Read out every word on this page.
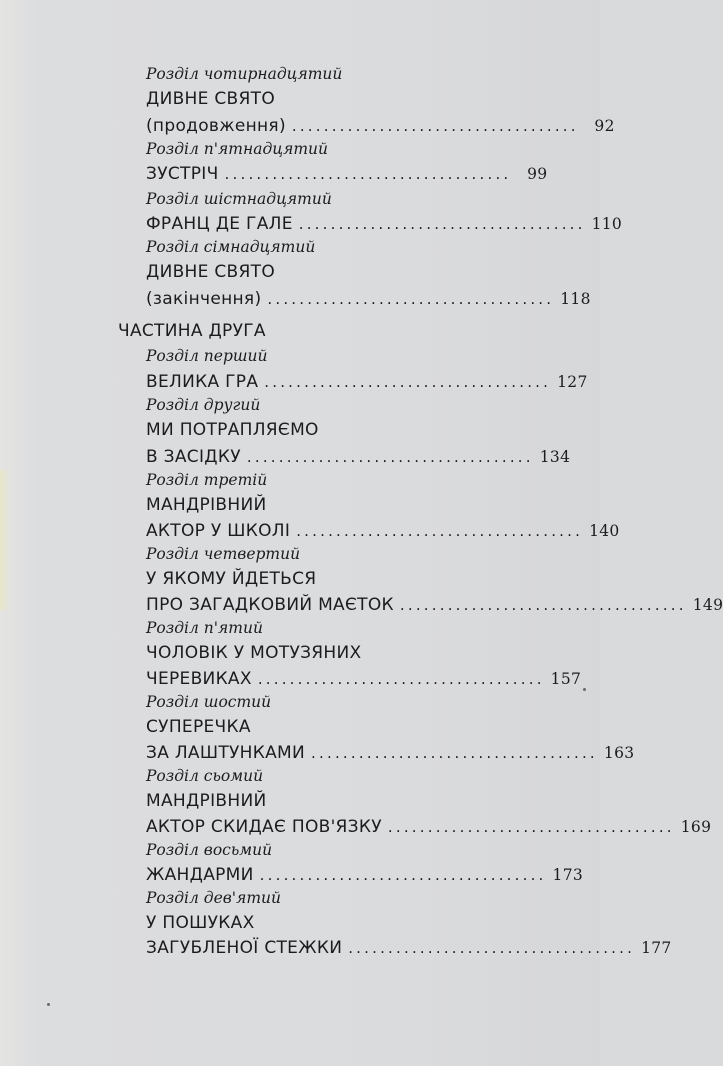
Розділ чотирнадцятий
ДИВНЕ СВЯТО
(продовження) ....................................	92
Розділ п'ятнадцятий
ЗУСТРІЧ ....................................	99
Розділ шістнадцятий
ФРАНЦ ДЕ ГАЛЕ .................................... 110
Розділ сімнадцятий
ДИВНЕ СВЯТО
(закінчення) .................................... 118
ЧАСТИНА ДРУГА
Розділ перший
ВЕЛИКА ГРА .................................... 127
Розділ другий
МИ ПОТРАПЛЯЄМО
В ЗАСІДКУ .................................... 134
Розділ третій
МАНДРІВНИЙ
АКТОР У ШКОЛІ .................................... 140
Розділ четвертий
У ЯКОМУ ЙДЕТЬСЯ
ПРО ЗАГАДКОВИЙ МАЄТОК .................................... 149
Розділ п'ятий
ЧОЛОВІК У МОТУЗЯНИХ
ЧЕРЕВИКАХ .................................... 157
Розділ шостий
СУПЕРЕЧКА
ЗА ЛАШТУНКАМИ .................................... 163
Розділ сьомий
МАНДРІВНИЙ
АКТОР СКИДАЄ ПОВ'ЯЗКУ .................................... 169
Розділ восьмий
ЖАНДАРМИ .................................... 173
Розділ дев'ятий
У ПОШУКАХ
ЗАГУБЛЕНОЇ СТЕЖКИ .................................... 177
